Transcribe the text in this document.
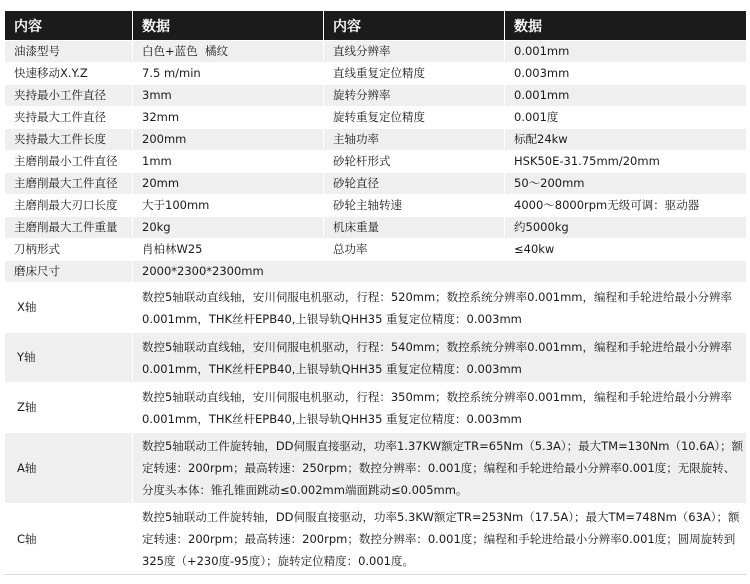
内容	数据	内容	数据
油漆型号	白色+蓝色  橘纹	直线分辨率	0.001mm
快速移动X.Y.Z	7.5 m/min	直线重复定位精度	0.003mm
夹持最小工件直径	3mm	旋转分辨率	0.001mm
夹持最大工件直径	32mm	旋转重复定位精度	0.001度
夹持最大工件长度	200mm	主轴功率	标配24kw
主磨削最小工件直径	1mm	砂轮杆形式	HSK50E-31.75mm/20mm
主磨削最大工件直径	20mm	砂轮直径	50～200mm
主磨削最大刃口长度	大于100mm	砂轮主轴转速	4000～8000rpm无级可调：驱动器
主磨削最大工件重量	20kg	机床重量	约5000kg
刀柄形式	肖柏林W25	总功率	≤40kw
磨床尺寸	2000*2300*2300mm		
X轴	数控5轴联动直线轴，安川伺服电机驱动，行程：520mm；数控系统分辨率0.001mm，编程和手轮进给最小分辨率0.001mm，THK丝杆EPB40,上银导轨QHH35 重复定位精度：0.003mm		
Y轴	数控5轴联动直线轴，安川伺服电机驱动，行程：540mm；数控系统分辨率0.001mm，编程和手轮进给最小分辨率0.001mm，THK丝杆EPB40,上银导轨QHH35 重复定位精度：0.003mm		
Z轴	数控5轴联动直线轴，安川伺服电机驱动，行程：350mm；数控系统分辨率0.001mm，编程和手轮进给最小分辨率0.001mm，THK丝杆EPB40,上银导轨QHH35 重复定位精度：0.003mm		
A轴	数控5轴联动工件旋转轴，DD伺服直接驱动，功率1.37KW额定TR=65Nm（5.3A）；最大TM=130Nm（10.6A）；额定转速：200rpm；最高转速：250rpm；数控分辨率：0.001度；编程和手轮进给最小分辨率0.001度；无限旋转、分度头本体：锥孔锥面跳动≤0.002mm端面跳动≤0.005mm。		
C轴	数控5轴联动工件旋转轴，DD伺服直接驱动，功率5.3KW额定TR=253Nm（17.5A）；最大TM=748Nm（63A）；额定转速：200rpm；最高转速：200rpm；数控分辨率：0.001度；编程和手轮进给最小分辨率0.001度；圆周旋转到325度（+230度-95度）；旋转定位精度：0.001度。		
